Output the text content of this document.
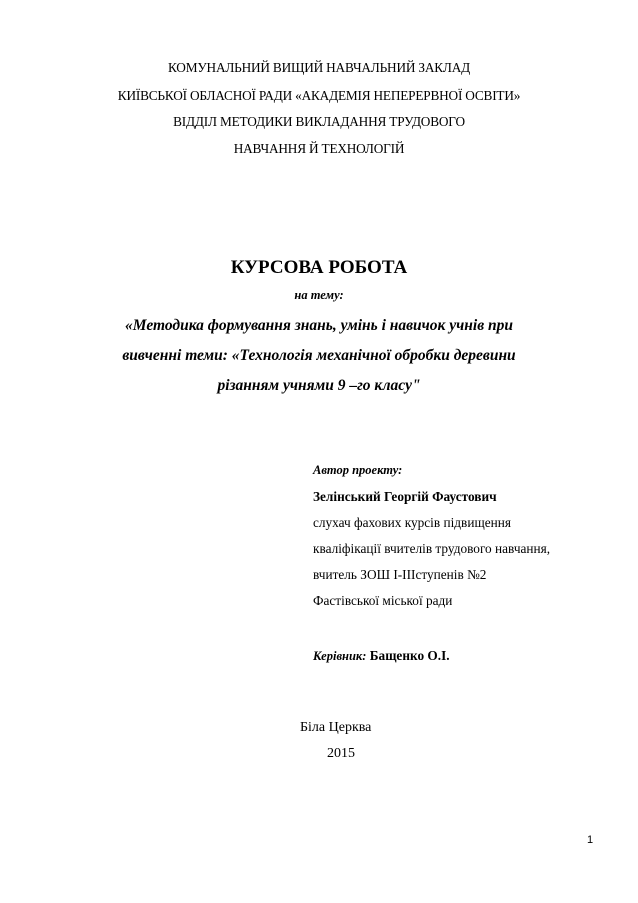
КОМУНАЛЬНИЙ ВИЩИЙ НАВЧАЛЬНИЙ ЗАКЛАД
КИЇВСЬКОЇ ОБЛАСНОЇ РАДИ «АКАДЕМІЯ НЕПЕРЕРВНОЇ ОСВІТИ»
ВІДДІЛ МЕТОДИКИ ВИКЛАДАННЯ ТРУДОВОГО
НАВЧАННЯ Й ТЕХНОЛОГІЙ
КУРСОВА РОБОТА
на тему:
«Методика формування знань, умінь і навичок учнів при
вивченні теми: «Технологія механічної обробки деревини
різанням учнями 9 –го класу"
Автор проекту:
Зелінський Георгій Фаустович
слухач фахових курсів підвищення
кваліфікації вчителів трудового навчання,
вчитель ЗОШ І-ІІІступенів №2
Фастівської міської ради
Керівник: Бащенко О.І.
Біла Церква
2015
1
